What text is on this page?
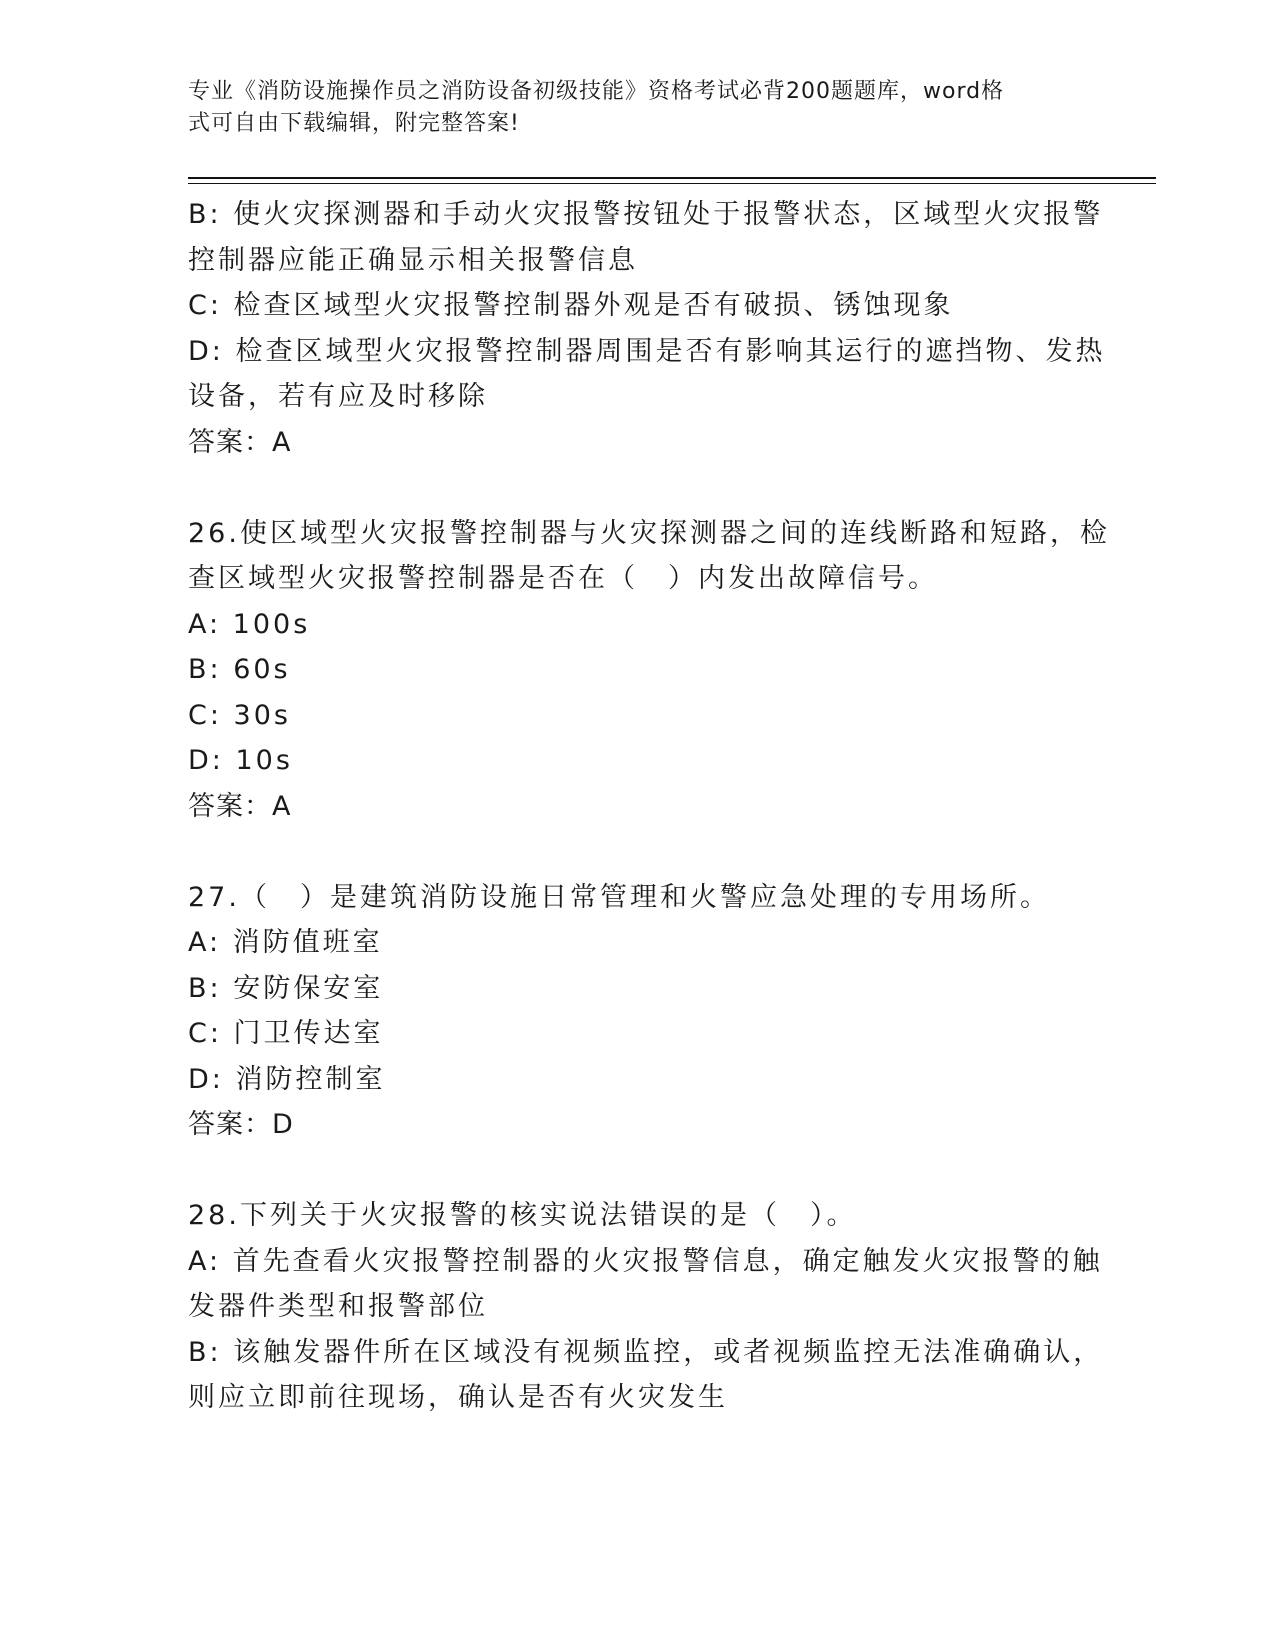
专业《消防设施操作员之消防设备初级技能》资格考试必背200题题库，word格
式可自由下载编辑，附完整答案!
B: 使火灾探测器和手动火灾报警按钮处于报警状态，区域型火灾报警
控制器应能正确显示相关报警信息
C: 检查区域型火灾报警控制器外观是否有破损、锈蚀现象
D: 检查区域型火灾报警控制器周围是否有影响其运行的遮挡物、发热
设备，若有应及时移除
答案：A
26.使区域型火灾报警控制器与火灾探测器之间的连线断路和短路，检
查区域型火灾报警控制器是否在（　）内发出故障信号。
A: 100s
B: 60s
C: 30s
D: 10s
答案：A
27.（　）是建筑消防设施日常管理和火警应急处理的专用场所。
A: 消防值班室
B: 安防保安室
C: 门卫传达室
D: 消防控制室
答案：D
28.下列关于火灾报警的核实说法错误的是（　）。
A: 首先查看火灾报警控制器的火灾报警信息，确定触发火灾报警的触
发器件类型和报警部位
B: 该触发器件所在区域没有视频监控，或者视频监控无法准确确认，
则应立即前往现场，确认是否有火灾发生
